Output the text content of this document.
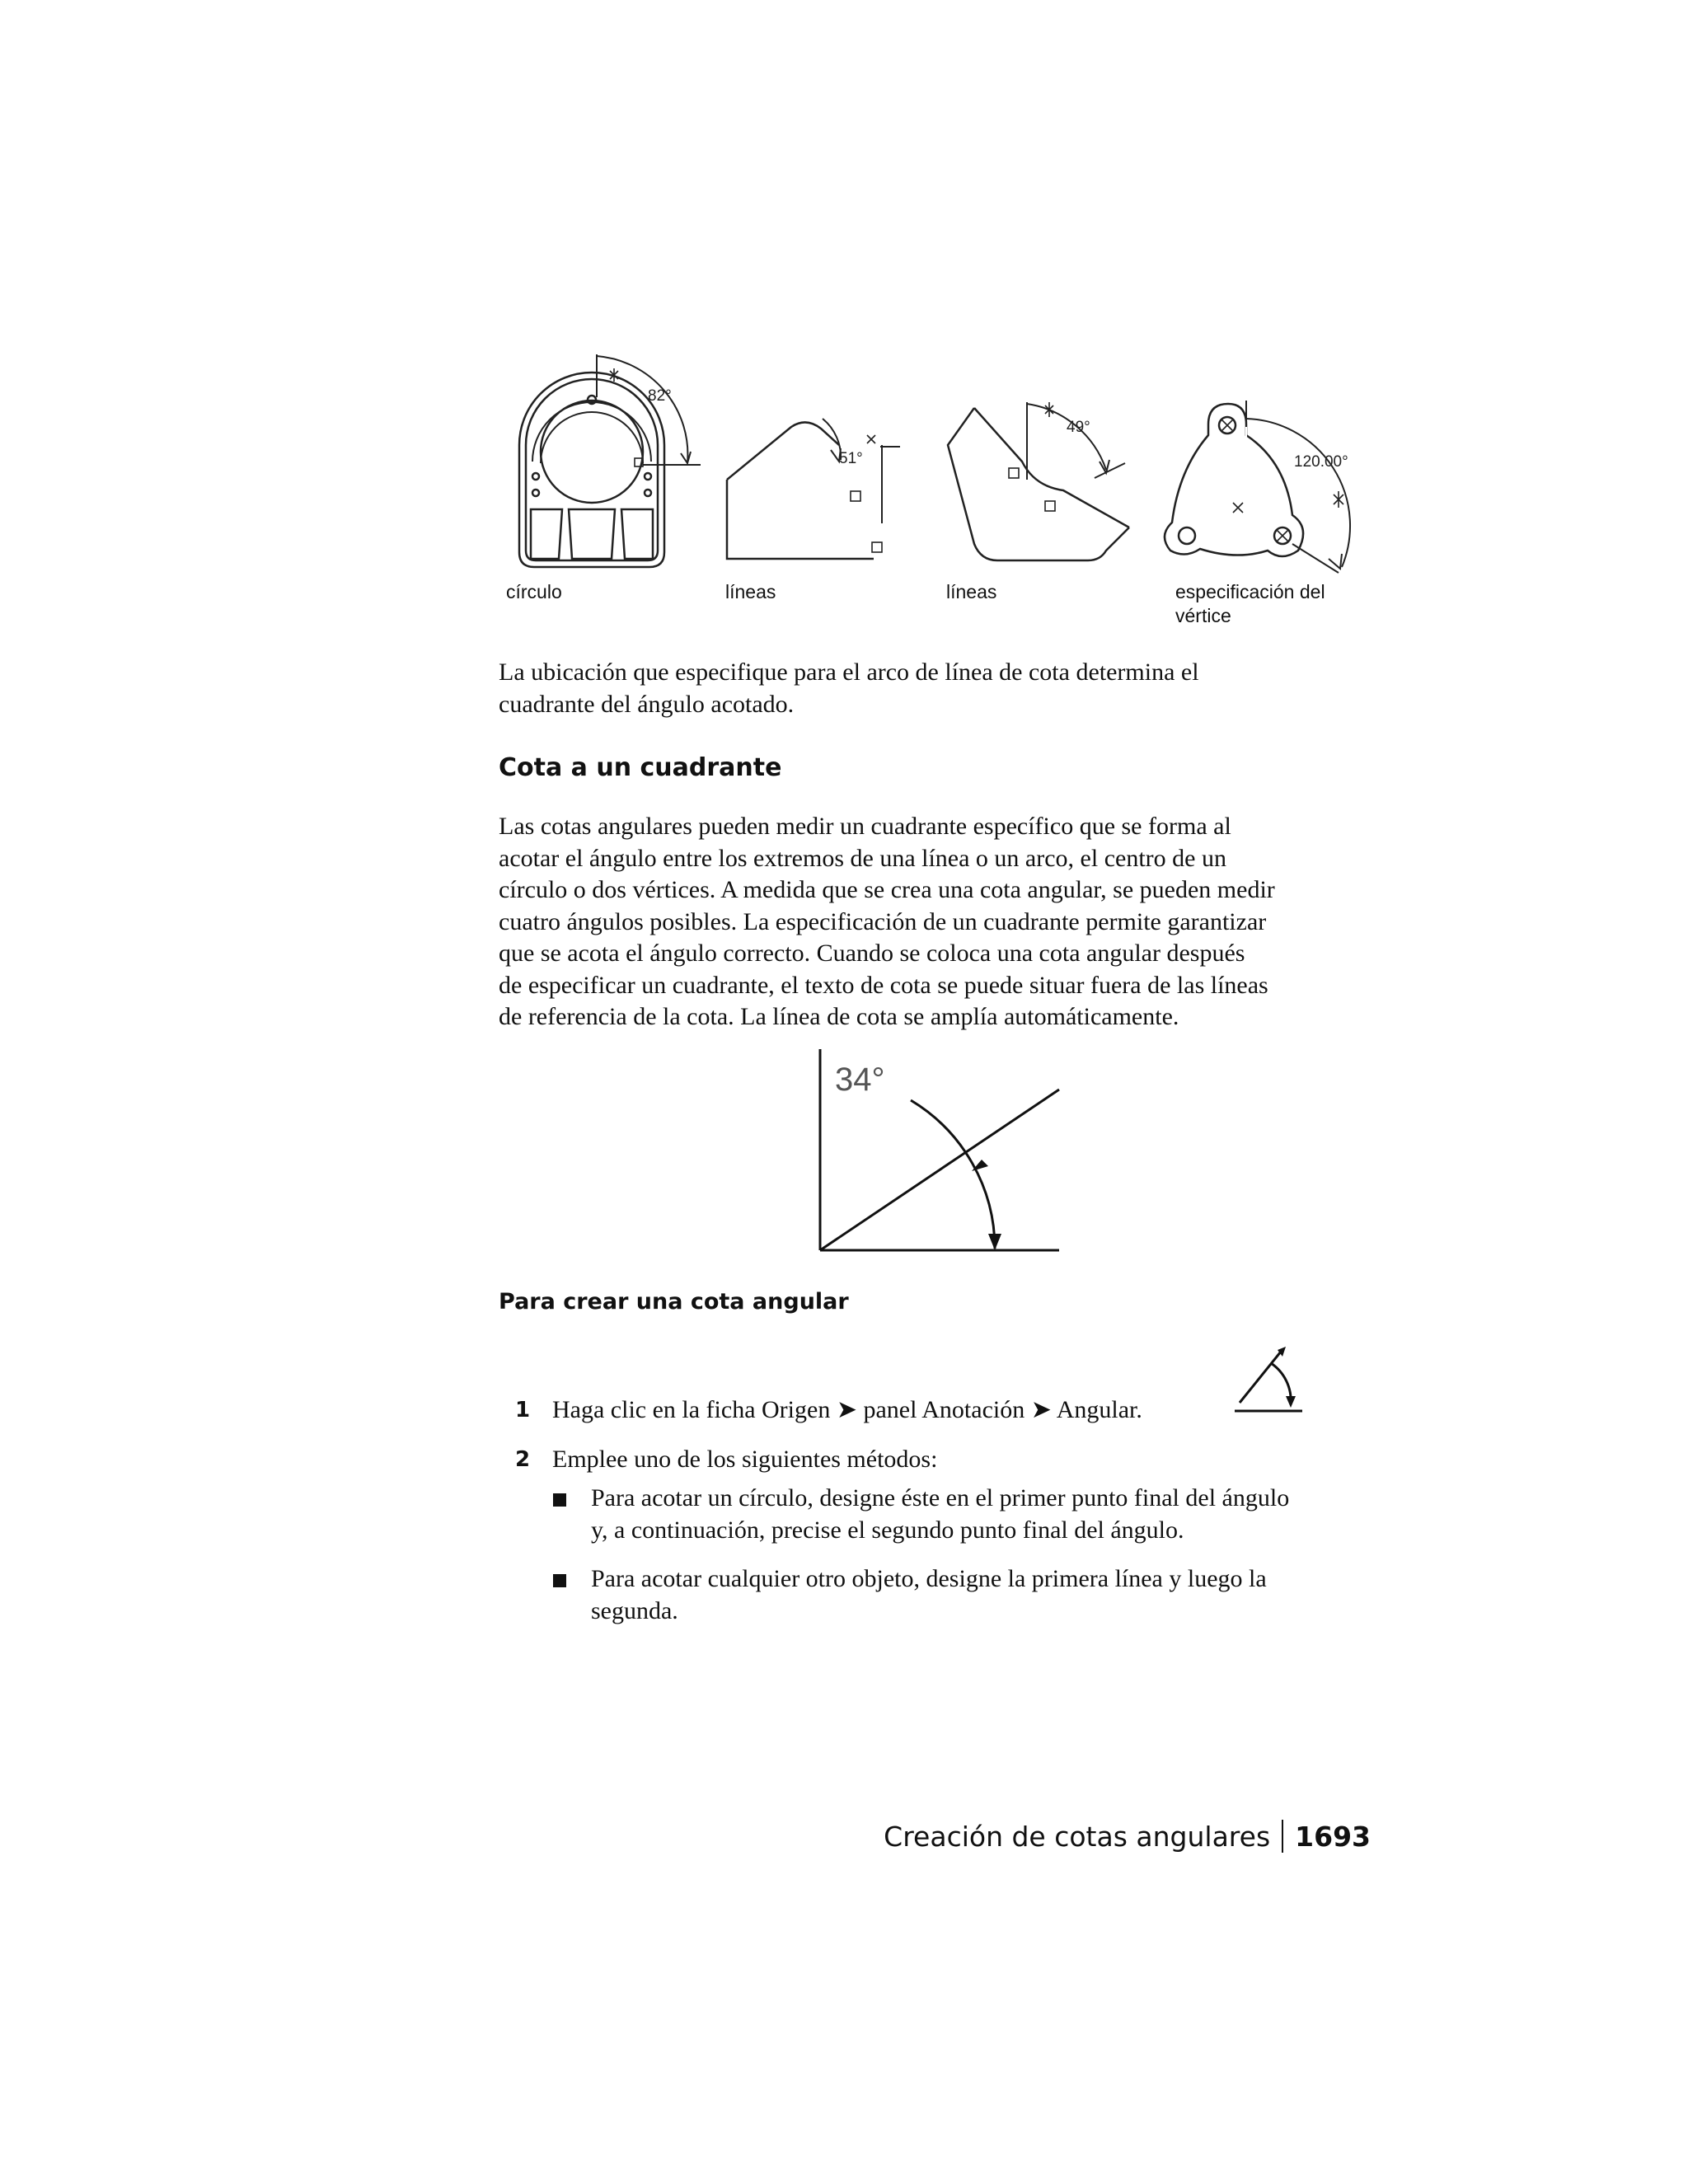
82°
51°
49°
120.00°
círculo	líneas	líneas	especificación del
vértice
La ubicación que especifique para el arco de línea de cota determina el
cuadrante del ángulo acotado.
Cota a un cuadrante
Las cotas angulares pueden medir un cuadrante específico que se forma al
acotar el ángulo entre los extremos de una línea o un arco, el centro de un
círculo o dos vértices. A medida que se crea una cota angular, se pueden medir
cuatro ángulos posibles. La especificación de un cuadrante permite garantizar
que se acota el ángulo correcto. Cuando se coloca una cota angular después
de especificar un cuadrante, el texto de cota se puede situar fuera de las líneas
de referencia de la cota. La línea de cota se amplía automáticamente.
34°
Para crear una cota angular
1 Haga clic en la ficha Origen ➤ panel Anotación ➤ Angular.
2 Emplee uno de los siguientes métodos:
Para acotar un círculo, designe éste en el primer punto final del ángulo
y, a continuación, precise el segundo punto final del ángulo.
Para acotar cualquier otro objeto, designe la primera línea y luego la
segunda.
Creación de cotas angulares 1693
